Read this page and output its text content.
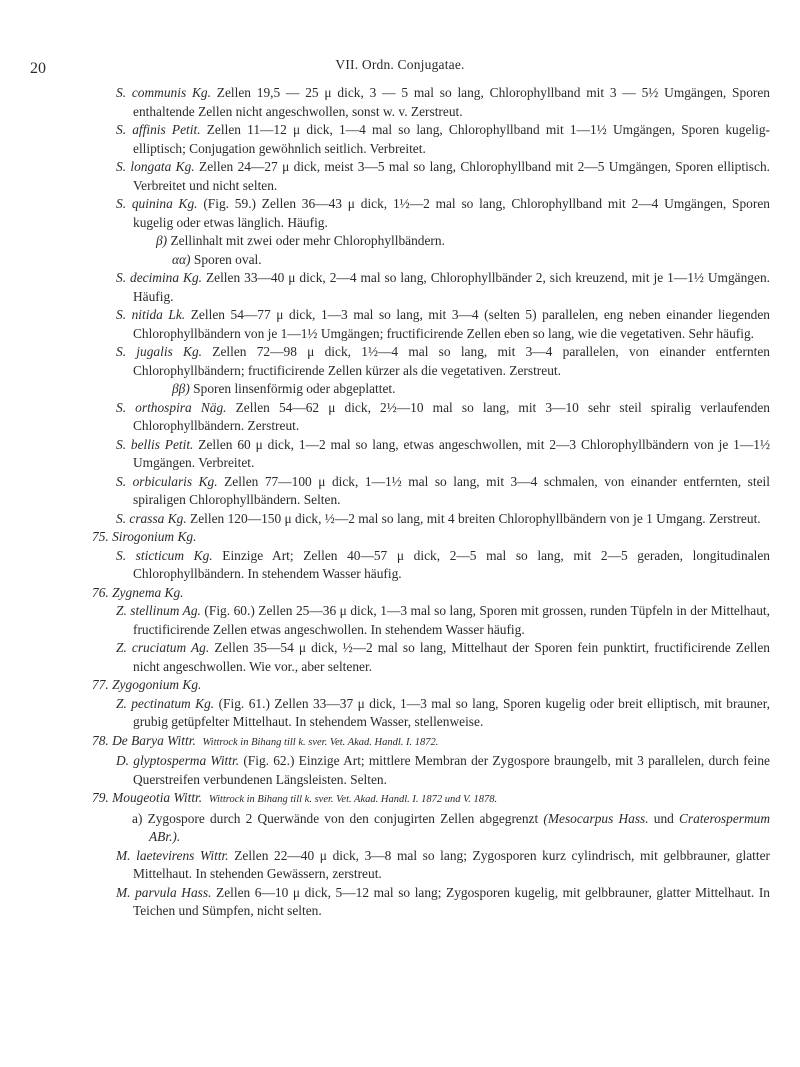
20	VII. Ordn. Conjugatae.

S. communis Kg. Zellen 19,5 — 25 μ dick, 3 — 5 mal so lang, Chlorophyllband mit 3 — 5½ Umgängen, Sporen enthaltende Zellen nicht angeschwollen, sonst w. v. Zerstreut.

S. affinis Petit. Zellen 11—12 μ dick, 1—4 mal so lang, Chlorophyllband mit 1—1½ Umgängen, Sporen kugelig-elliptisch; Conjugation gewöhnlich seitlich. Verbreitet.

S. longata Kg. Zellen 24—27 μ dick, meist 3—5 mal so lang, Chlorophyllband mit 2—5 Umgängen, Sporen elliptisch. Verbreitet und nicht selten.

S. quinina Kg. (Fig. 59.) Zellen 36—43 μ dick, 1½—2 mal so lang, Chlorophyllband mit 2—4 Umgängen, Sporen kugelig oder etwas länglich. Häufig.

β) Zellinhalt mit zwei oder mehr Chlorophyllbändern.

αα) Sporen oval.

S. decimina Kg. Zellen 33—40 μ dick, 2—4 mal so lang, Chlorophyllbänder 2, sich kreuzend, mit je 1—1½ Umgängen. Häufig.

S. nitida Lk. Zellen 54—77 μ dick, 1—3 mal so lang, mit 3—4 (selten 5) parallelen, eng neben einander liegenden Chlorophyllbändern von je 1—1½ Umgängen; fructificirende Zellen eben so lang, wie die vegetativen. Sehr häufig.

S. jugalis Kg. Zellen 72—98 μ dick, 1½—4 mal so lang, mit 3—4 parallelen, von einander entfernten Chlorophyllbändern; fructificirende Zellen kürzer als die vegetativen. Zerstreut.

ββ) Sporen linsenförmig oder abgeplattet.

S. orthospira Näg. Zellen 54—62 μ dick, 2½—10 mal so lang, mit 3—10 sehr steil spiralig verlaufenden Chlorophyllbändern. Zerstreut.

S. bellis Petit. Zellen 60 μ dick, 1—2 mal so lang, etwas angeschwollen, mit 2—3 Chlorophyllbändern von je 1—1½ Umgängen. Verbreitet.

S. orbicularis Kg. Zellen 77—100 μ dick, 1—1½ mal so lang, mit 3—4 schmalen, von einander entfernten, steil spiraligen Chlorophyllbändern. Selten.

S. crassa Kg. Zellen 120—150 μ dick, ½—2 mal so lang, mit 4 breiten Chlorophyllbändern von je 1 Umgang. Zerstreut.

75. Sirogonium Kg.

S. sticticum Kg. Einzige Art; Zellen 40—57 μ dick, 2—5 mal so lang, mit 2—5 geraden, longitudinalen Chlorophyllbändern. In stehendem Wasser häufig.

76. Zygnema Kg.

Z. stellinum Ag. (Fig. 60.) Zellen 25—36 μ dick, 1—3 mal so lang, Sporen mit grossen, runden Tüpfeln in der Mittelhaut, fructificirende Zellen etwas angeschwollen. In stehendem Wasser häufig.

Z. cruciatum Ag. Zellen 35—54 μ dick, ½—2 mal so lang, Mittelhaut der Sporen fein punktirt, fructificirende Zellen nicht angeschwollen. Wie vor., aber seltener.

77. Zygogonium Kg.

Z. pectinatum Kg. (Fig. 61.) Zellen 33—37 μ dick, 1—3 mal so lang, Sporen kugelig oder breit elliptisch, mit brauner, grubig getüpfelter Mittelhaut. In stehendem Wasser, stellenweise.

78. De Barya Wittr. Wittrock in Bihang till k. sver. Vet. Akad. Handl. I. 1872.

D. glyptosperma Wittr. (Fig. 62.) Einzige Art; mittlere Membran der Zygospore braungelb, mit 3 parallelen, durch feine Querstreifen verbundenen Längsleisten. Selten.

79. Mougeotia Wittr. Wittrock in Bihang till k. sver. Vet. Akad. Handl. I. 1872 und V. 1878.

a) Zygospore durch 2 Querwände von den conjugirten Zellen abgegrenzt (Mesocarpus Hass. und Craterospermum ABr.).

M. laetevirens Wittr. Zellen 22—40 μ dick, 3—8 mal so lang; Zygosporen kurz cylindrisch, mit gelbbrauner, glatter Mittelhaut. In stehenden Gewässern, zerstreut.

M. parvula Hass. Zellen 6—10 μ dick, 5—12 mal so lang; Zygosporen kugelig, mit gelbbrauner, glatter Mittelhaut. In Teichen und Sümpfen, nicht selten.
